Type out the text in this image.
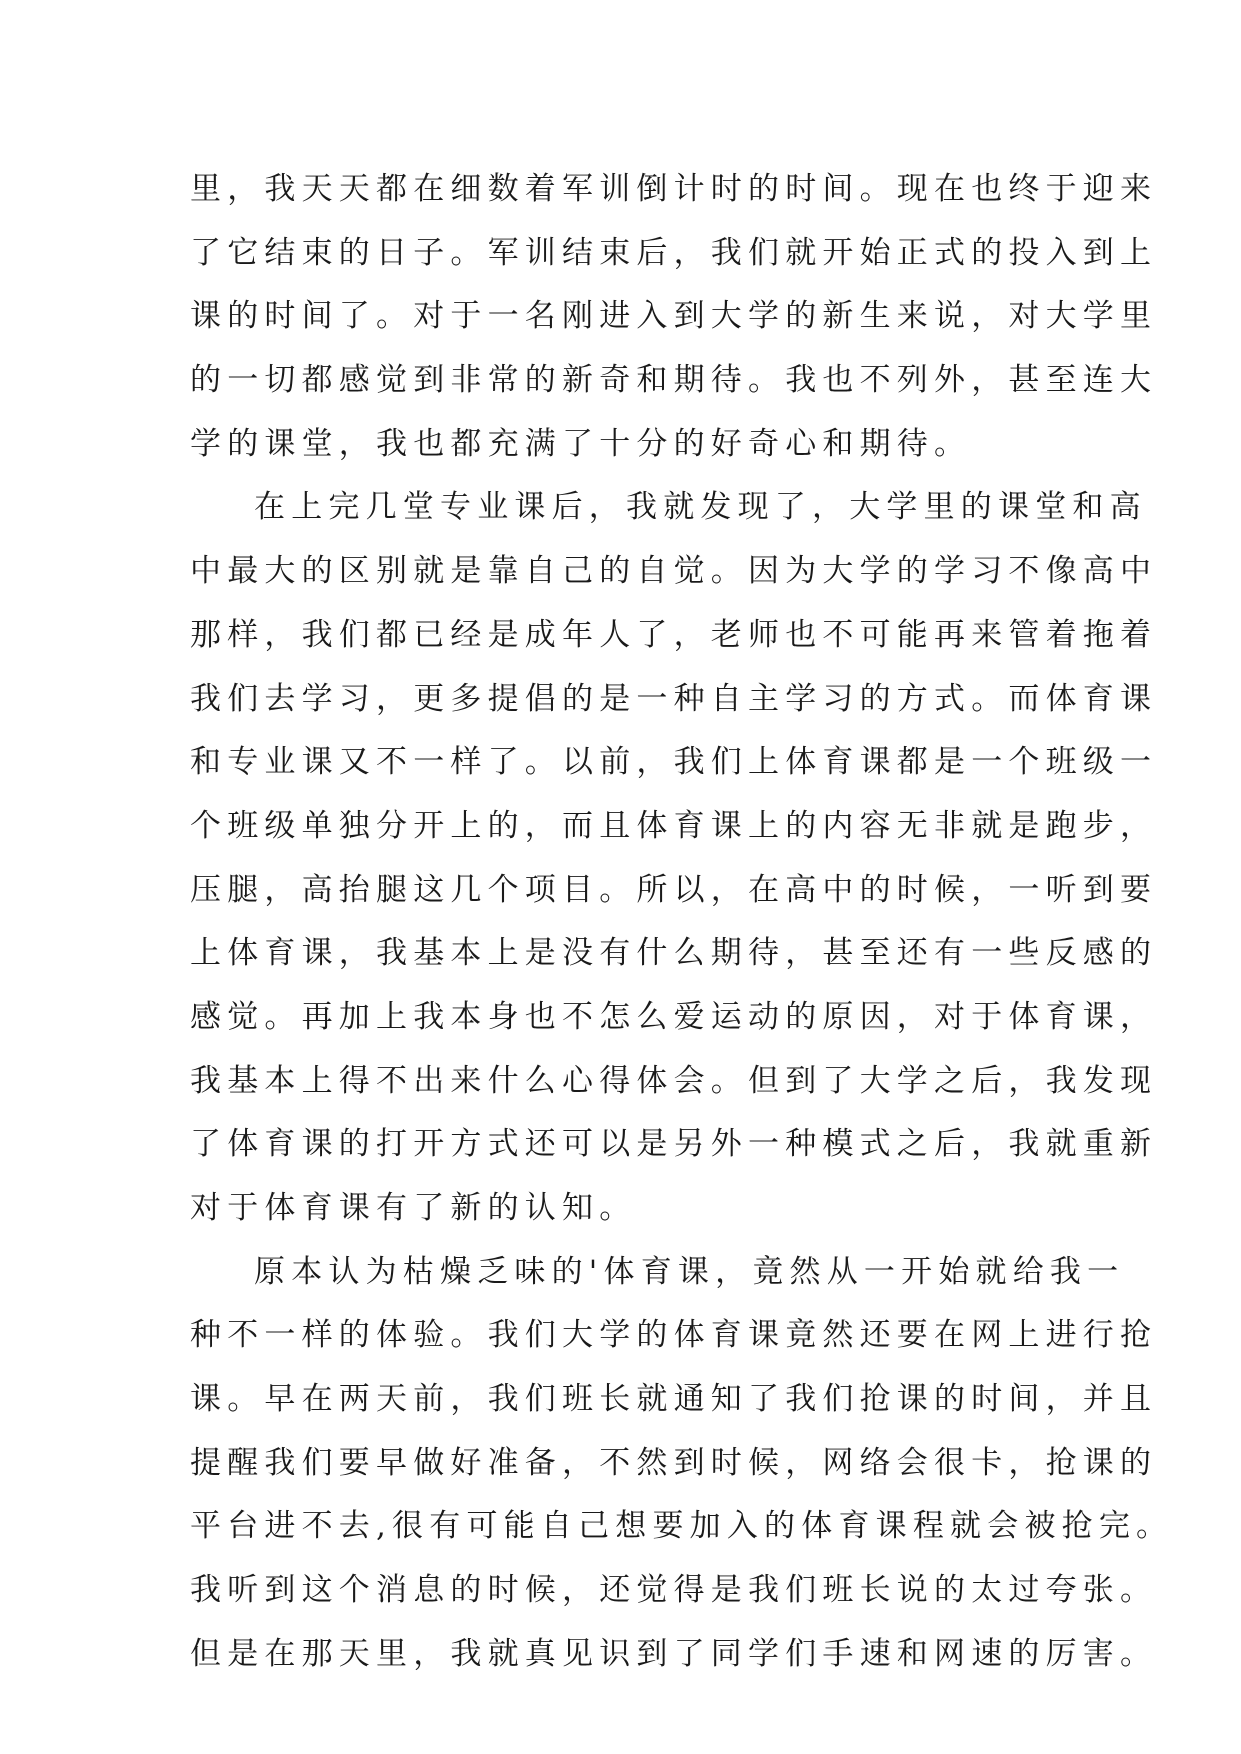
里，我天天都在细数着军训倒计时的时间。现在也终于迎来
了它结束的日子。军训结束后，我们就开始正式的投入到上
课的时间了。对于一名刚进入到大学的新生来说，对大学里
的一切都感觉到非常的新奇和期待。我也不列外，甚至连大
学的课堂，我也都充满了十分的好奇心和期待。
在上完几堂专业课后，我就发现了，大学里的课堂和高
中最大的区别就是靠自己的自觉。因为大学的学习不像高中
那样，我们都已经是成年人了，老师也不可能再来管着拖着
我们去学习，更多提倡的是一种自主学习的方式。而体育课
和专业课又不一样了。以前，我们上体育课都是一个班级一
个班级单独分开上的，而且体育课上的内容无非就是跑步，
压腿，高抬腿这几个项目。所以，在高中的时候，一听到要
上体育课，我基本上是没有什么期待，甚至还有一些反感的
感觉。再加上我本身也不怎么爱运动的原因，对于体育课，
我基本上得不出来什么心得体会。但到了大学之后，我发现
了体育课的打开方式还可以是另外一种模式之后，我就重新
对于体育课有了新的认知。
原本认为枯燥乏味的'体育课，竟然从一开始就给我一
种不一样的体验。我们大学的体育课竟然还要在网上进行抢
课。早在两天前，我们班长就通知了我们抢课的时间，并且
提醒我们要早做好准备，不然到时候，网络会很卡，抢课的
平台进不去,很有可能自己想要加入的体育课程就会被抢完。
我听到这个消息的时候，还觉得是我们班长说的太过夸张。
但是在那天里，我就真见识到了同学们手速和网速的厉害。
